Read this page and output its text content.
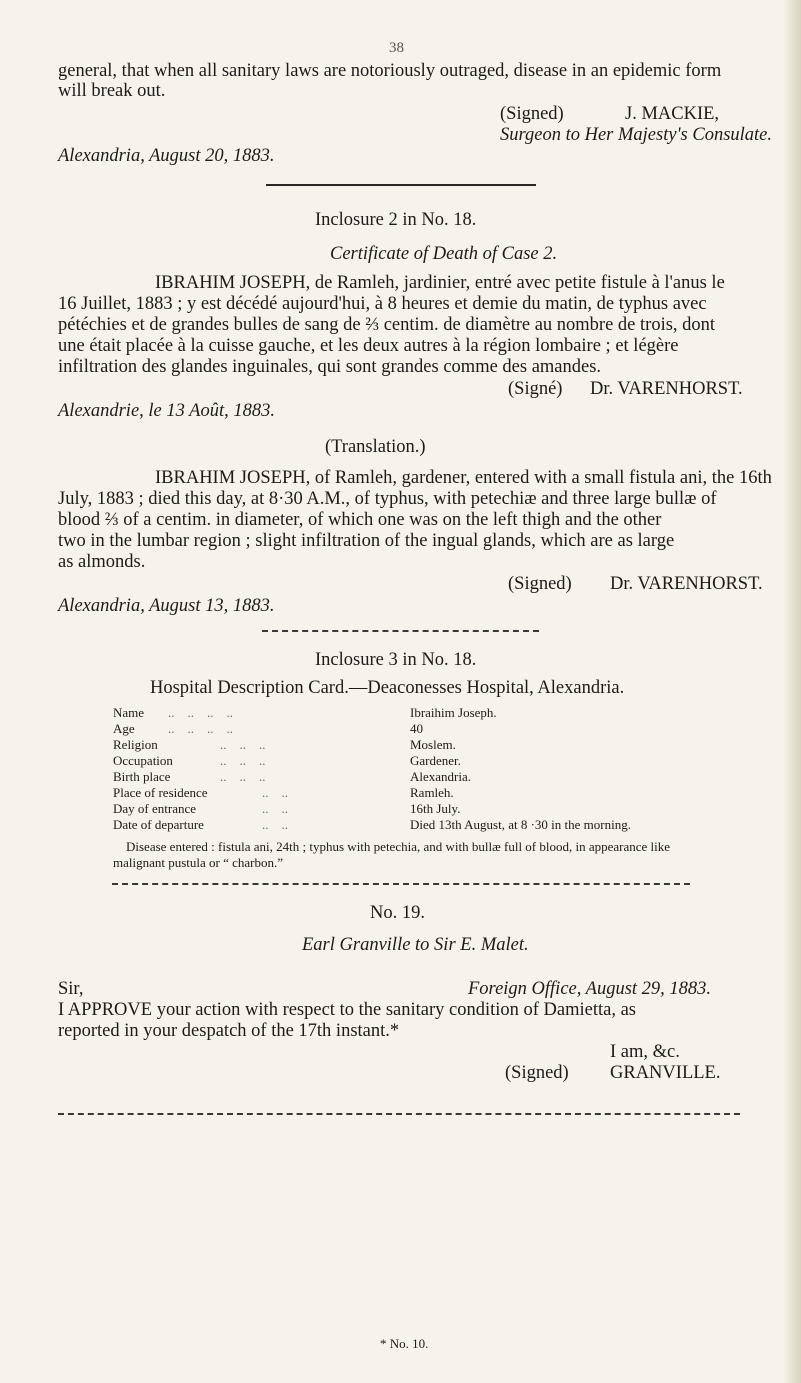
38
general, that when all sanitary laws are notoriously outraged, disease in an epidemic form
will break out.
(Signed)	J. MACKIE,
Surgeon to Her Majesty's Consulate.
Alexandria, August 20, 1883.
Inclosure 2 in No. 18.
Certificate of Death of Case 2.
IBRAHIM JOSEPH, de Ramleh, jardinier, entré avec petite fistule à l'anus le
16 Juillet, 1883 ; y est décédé aujourd'hui, à 8 heures et demie du matin, de typhus avec
pétéchies et de grandes bulles de sang de ⅔ centim. de diamètre au nombre de trois, dont
une était placée à la cuisse gauche, et les deux autres à la région lombaire ; et légère
infiltration des glandes inguinales, qui sont grandes comme des amandes.
(Signé) Dr. VARENHORST.
Alexandrie, le 13 Août, 1883.
(Translation.)
IBRAHIM JOSEPH, of Ramleh, gardener, entered with a small fistula ani, the 16th
July, 1883 ; died this day, at 8·30 A.M., of typhus, with petechiæ and three large bullæ of
blood ⅔ of a centim. in diameter, of which one was on the left thigh and the other
two in the lumbar region ; slight infiltration of the ingual glands, which are as large
as almonds.
(Signed) Dr. VARENHORST.
Alexandria, August 13, 1883.
Inclosure 3 in No. 18.
Hospital Description Card.—Deaconesses Hospital, Alexandria.
Name ..    ..    ..    ..	Ibraihim Joseph.
Age	..    ..    ..    ..	40
Religion	..    ..    ..	Moslem.
Occupation	..    ..    ..	Gardener.
Birth place	..    ..    ..	Alexandria.
Place of residence	..    ..	Ramleh.
Day of entrance	..    ..	16th July.
Date of departure	..    ..	Died 13th August, at 8 ·30 in the morning.
Disease entered : fistula ani, 24th ; typhus with petechia, and with bullæ full of blood, in appearance like
malignant pustula or “ charbon.”
No. 19.
Earl Granville to Sir E. Malet.
Sir,	Foreign Office, August 29, 1883.
I APPROVE your action with respect to the sanitary condition of Damietta, as
reported in your despatch of the 17th instant.*
I am, &c.
(Signed) GRANVILLE.
* No. 10.
